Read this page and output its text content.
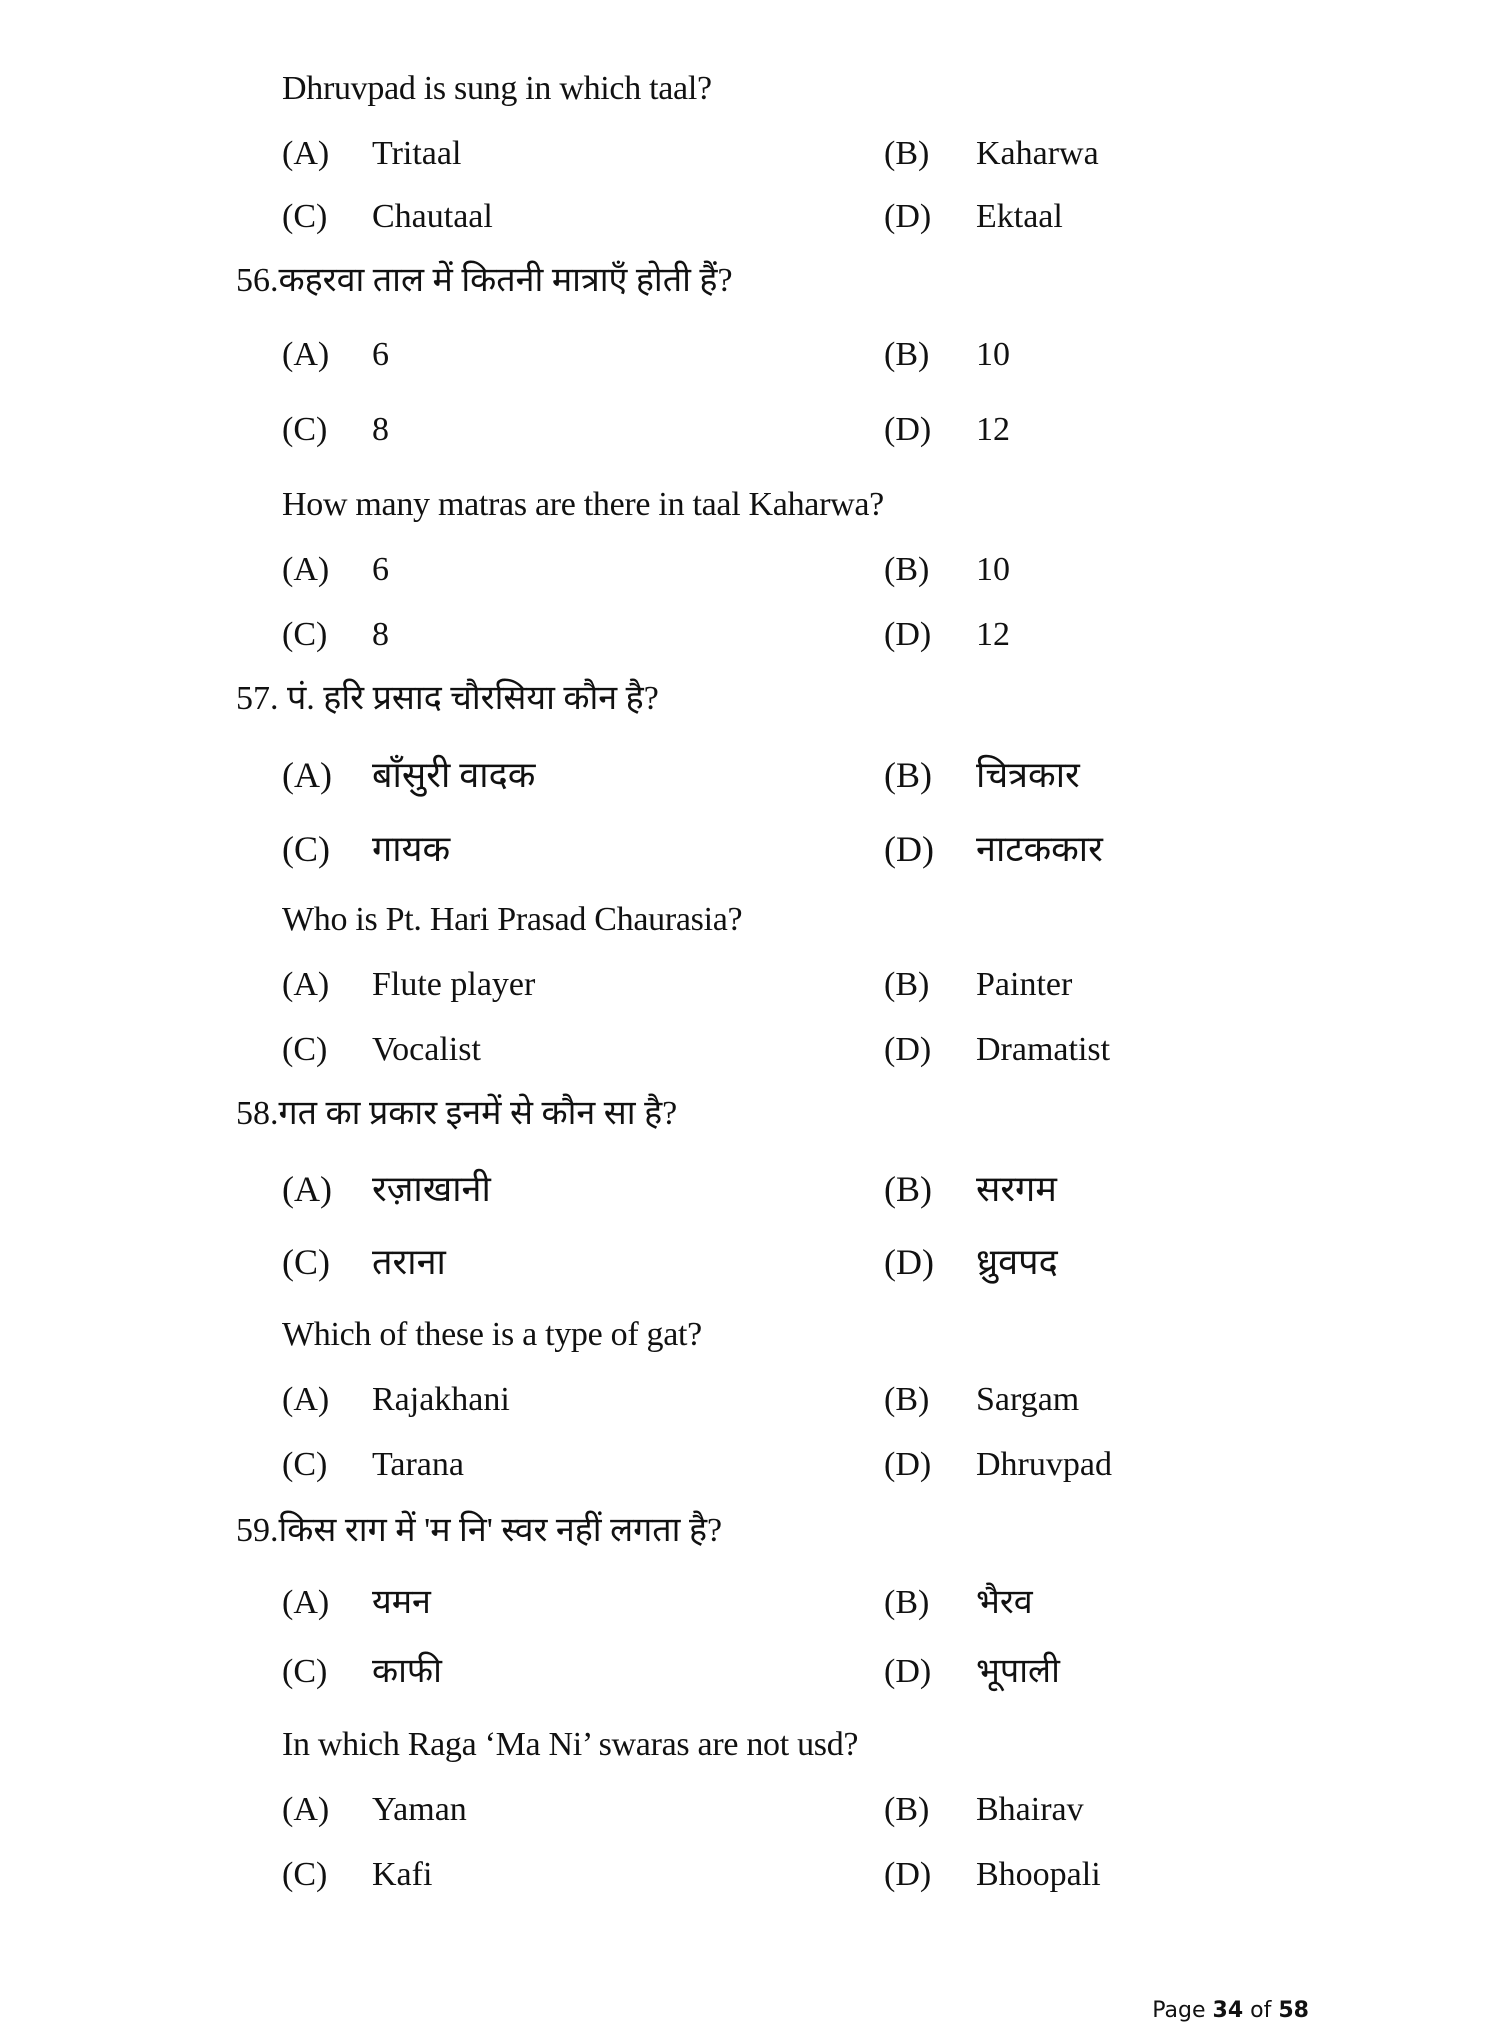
Dhruvpad is sung in which taal?
(A) Tritaal	(B) Kaharwa
(C) Chautaal	(D) Ektaal
56.कहरवा ताल में कितनी मात्राएँ होती हैं?
(A) 6	(B) 10
(C) 8	(D) 12
How many matras are there in taal Kaharwa?
(A) 6	(B) 10
(C) 8	(D) 12
57. पं. हरि प्रसाद चौरसिया कौन है?
(A) बाँसुरी वादक	(B) चित्रकार
(C) गायक	(D) नाटककार
Who is Pt. Hari Prasad Chaurasia?
(A) Flute player	(B) Painter
(C) Vocalist	(D) Dramatist
58.गत का प्रकार इनमें से कौन सा है?
(A) रज़ाखानी	(B) सरगम
(C) तराना	(D) ध्रुवपद
Which of these is a type of gat?
(A) Rajakhani	(B) Sargam
(C) Tarana	(D) Dhruvpad
59.किस राग में 'म नि' स्वर नहीं लगता है?
(A) यमन	(B) भैरव
(C) काफी	(D) भूपाली
In which Raga ‘Ma Ni’ swaras are not usd?
(A) Yaman	(B) Bhairav
(C) Kafi	(D) Bhoopali
Page 34 of 58
